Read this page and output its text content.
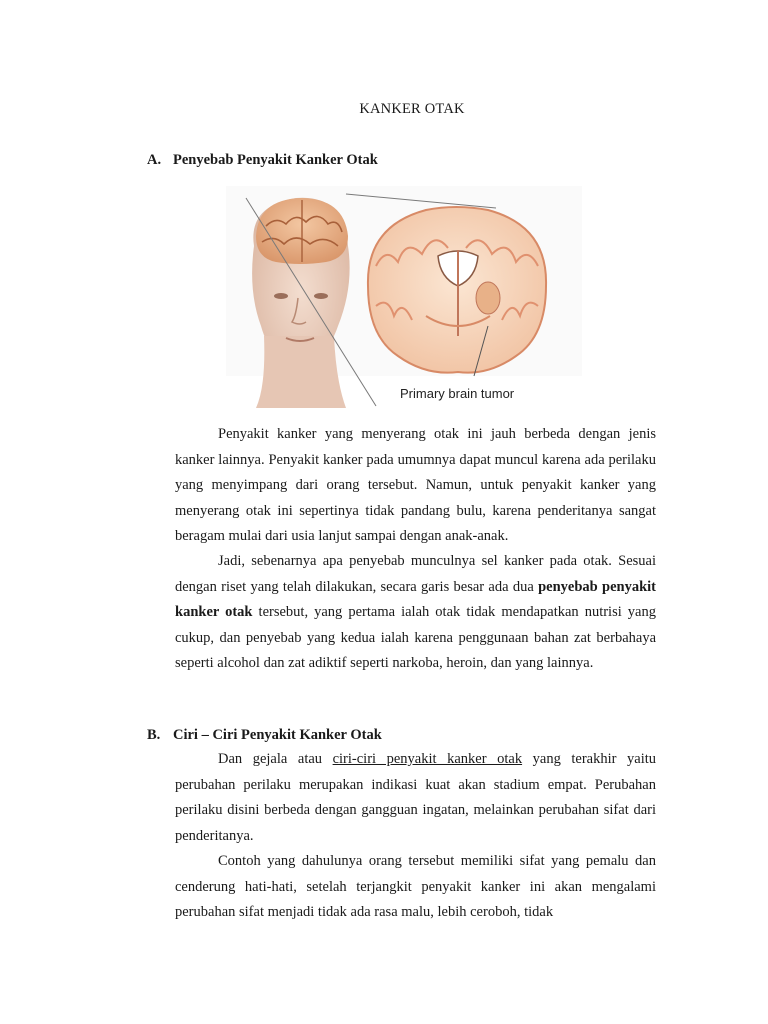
KANKER OTAK
A. Penyebab Penyakit Kanker Otak
Primary brain tumor

Penyakit kanker yang menyerang otak ini jauh berbeda dengan jenis kanker lainnya. Penyakit kanker pada umumnya dapat muncul karena ada perilaku yang menyimpang dari orang tersebut. Namun, untuk penyakit kanker yang menyerang otak ini sepertinya tidak pandang bulu, karena penderitanya sangat beragam mulai dari usia lanjut sampai dengan anak-anak.

Jadi, sebenarnya apa penyebab munculnya sel kanker pada otak. Sesuai dengan riset yang telah dilakukan, secara garis besar ada dua penyebab penyakit kanker otak tersebut, yang pertama ialah otak tidak mendapatkan nutrisi yang cukup, dan penyebab yang kedua ialah karena penggunaan bahan zat berbahaya seperti alcohol dan zat adiktif seperti narkoba, heroin, dan yang lainnya.

B. Ciri – Ciri Penyakit Kanker Otak

Dan gejala atau ciri-ciri penyakit kanker otak yang terakhir yaitu perubahan perilaku merupakan indikasi kuat akan stadium empat. Perubahan perilaku disini berbeda dengan gangguan ingatan, melainkan perubahan sifat dari penderitanya.

Contoh yang dahulunya orang tersebut memiliki sifat yang pemalu dan cenderung hati-hati, setelah terjangkit penyakit kanker ini akan mengalami perubahan sifat menjadi tidak ada rasa malu, lebih ceroboh, tidak
